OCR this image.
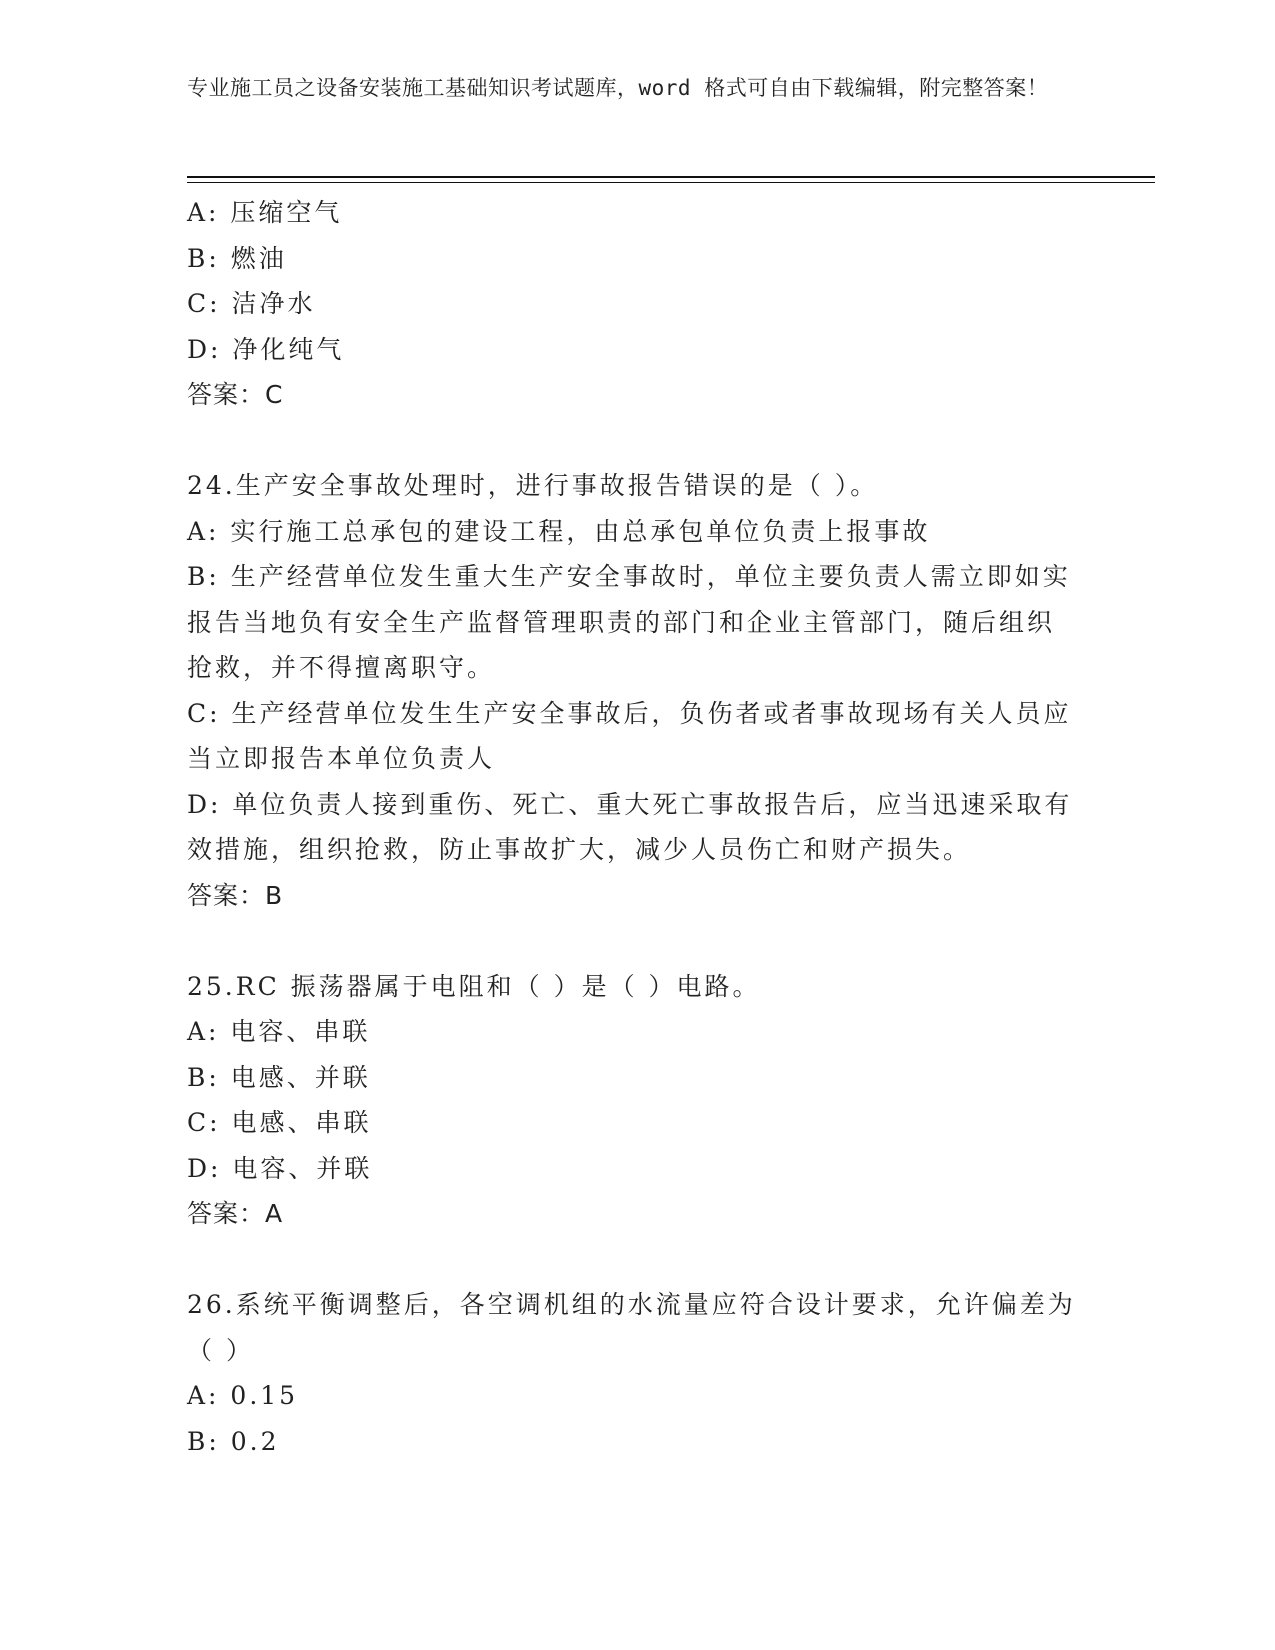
专业施工员之设备安装施工基础知识考试题库，word 格式可自由下载编辑，附完整答案！

A: 压缩空气

B: 燃油

C: 洁净水

D: 净化纯气

答案：C

24.生产安全事故处理时，进行事故报告错误的是（ ）。

A: 实行施工总承包的建设工程，由总承包单位负责上报事故

B: 生产经营单位发生重大生产安全事故时，单位主要负责人需立即如实报告当地负有安全生产监督管理职责的部门和企业主管部门，随后组织抢救，并不得擅离职守。

C: 生产经营单位发生生产安全事故后，负伤者或者事故现场有关人员应当立即报告本单位负责人

D: 单位负责人接到重伤、死亡、重大死亡事故报告后，应当迅速采取有效措施，组织抢救，防止事故扩大，减少人员伤亡和财产损失。

答案：B

25.RC 振荡器属于电阻和（ ）是（ ）电路。

A: 电容、串联

B: 电感、并联

C: 电感、串联

D: 电容、并联

答案：A

26.系统平衡调整后，各空调机组的水流量应符合设计要求，允许偏差为（ ）

A: 0.15

B: 0.2
